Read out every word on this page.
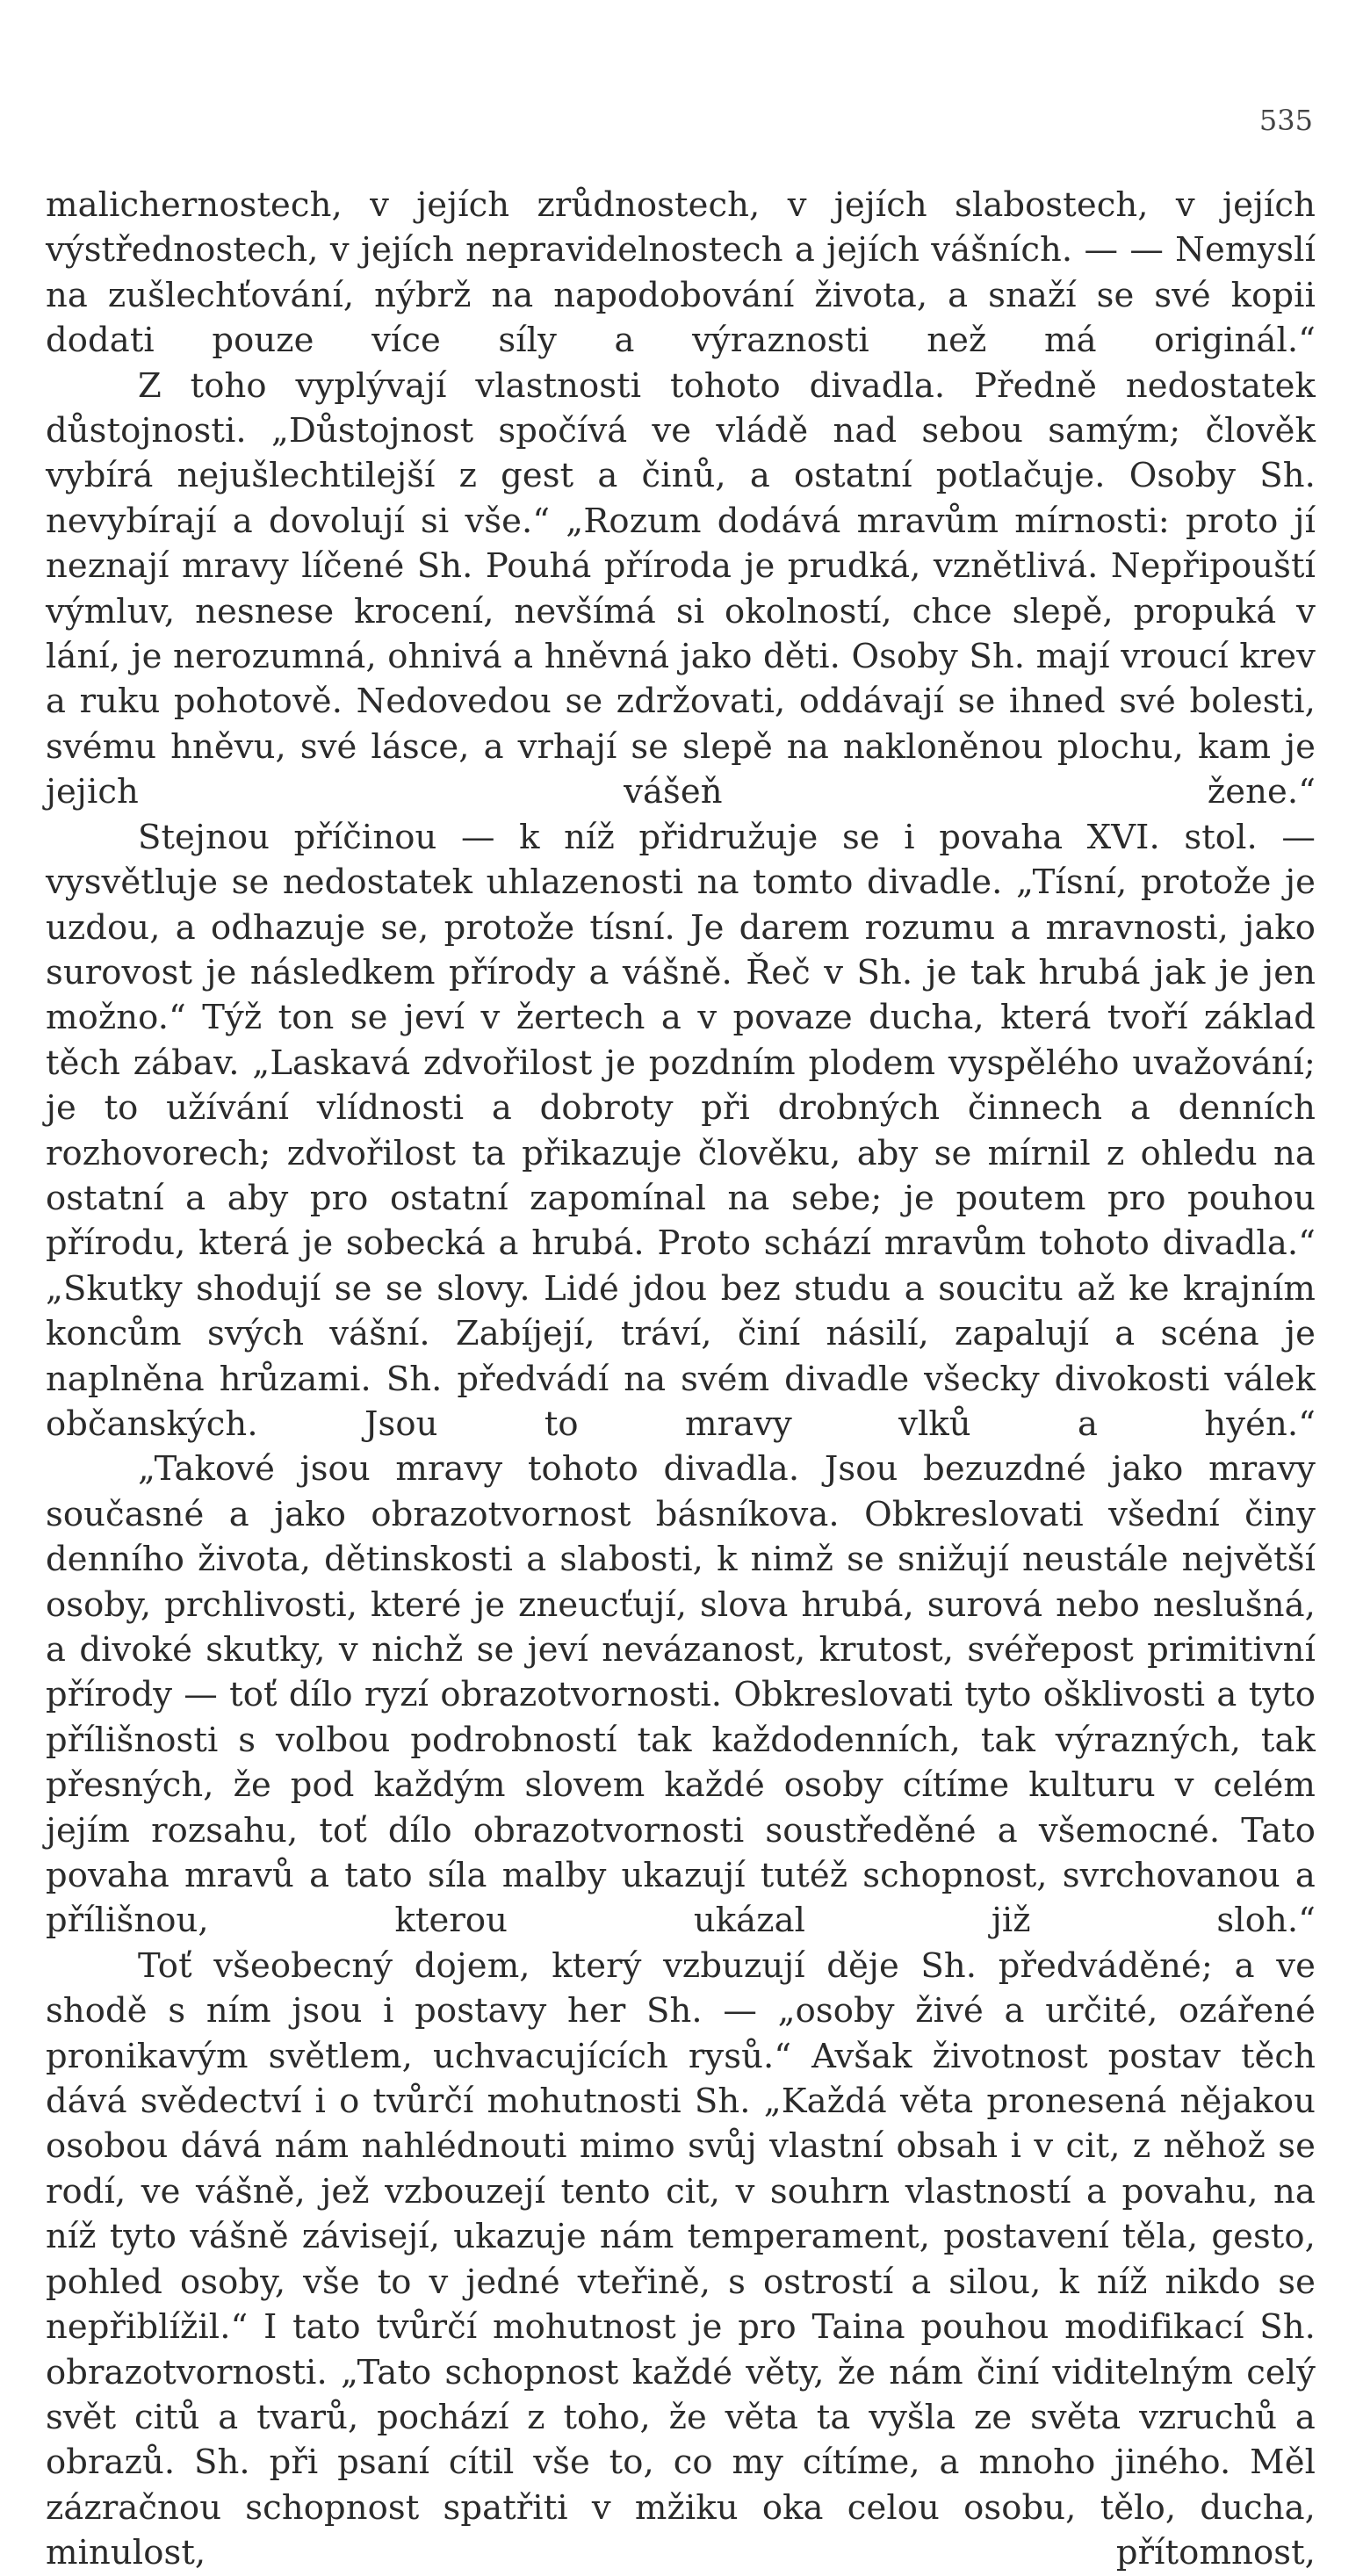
535

malichernostech, v jejích zrůdnostech, v jejích slabostech, v jejích výstřednostech, v jejích nepravidelnostech a jejích vášních. — — Nemyslí na zušlechťování, nýbrž na napodobování života, a snaží se své kopii dodati pouze více síly a výraznosti než má originál.“

Z toho vyplývají vlastnosti tohoto divadla. Předně nedostatek důstojnosti. „Důstojnost spočívá ve vládě nad sebou samým; člověk vybírá nejušlechtilejší z gest a činů, a ostatní potlačuje. Osoby Sh. nevybírají a dovolují si vše.“ „Rozum dodává mravům mírnosti: proto jí neznají mravy líčené Sh. Pouhá příroda je prudká, vznětlivá. Nepřipouští výmluv, nesnese krocení, nevšímá si okolností, chce slepě, propuká v lání, je nerozumná, ohnivá a hněvná jako děti. Osoby Sh. mají vroucí krev a ruku pohotově. Nedovedou se zdržovati, oddávají se ihned své bolesti, svému hněvu, své lásce, a vrhají se slepě na nakloněnou plochu, kam je jejich vášeň žene.“

Stejnou příčinou — k níž přidružuje se i povaha XVI. stol. — vysvětluje se nedostatek uhlazenosti na tomto divadle. „Tísní, protože je uzdou, a odhazuje se, protože tísní. Je darem rozumu a mravnosti, jako surovost je následkem přírody a vášně. Řeč v Sh. je tak hrubá jak je jen možno.“ Týž ton se jeví v žertech a v povaze ducha, která tvoří základ těch zábav. „Laskavá zdvořilost je pozdním plodem vyspělého uvažování; je to užívání vlídnosti a dobroty při drobných činnech a denních rozhovorech; zdvořilost ta přikazuje člověku, aby se mírnil z ohledu na ostatní a aby pro ostatní zapomínal na sebe; je poutem pro pouhou přírodu, která je sobecká a hrubá. Proto schází mravům tohoto divadla.“ „Skutky shodují se se slovy. Lidé jdou bez studu a soucitu až ke krajním koncům svých vášní. Zabíjejí, tráví, činí násilí, zapalují a scéna je naplněna hrůzami. Sh. předvádí na svém divadle všecky divokosti válek občanských. Jsou to mravy vlků a hyén.“

„Takové jsou mravy tohoto divadla. Jsou bezuzdné jako mravy současné a jako obrazotvornost básníkova. Obkreslovati všední činy denního života, dětinskosti a slabosti, k nimž se snižují neustále největší osoby, prchlivosti, které je zneucťují, slova hrubá, surová nebo neslušná, a divoké skutky, v nichž se jeví nevázanost, krutost, svéřepost primitivní přírody — toť dílo ryzí obrazotvornosti. Obkreslovati tyto ošklivosti a tyto přílišnosti s volbou podrobností tak každodenních, tak výrazných, tak přesných, že pod každým slovem každé osoby cítíme kulturu v celém jejím rozsahu, toť dílo obrazotvornosti soustředěné a všemocné. Tato povaha mravů a tato síla malby ukazují tutéž schopnost, svrchovanou a přílišnou, kterou ukázal již sloh.“

Toť všeobecný dojem, který vzbuzují děje Sh. předváděné; a ve shodě s ním jsou i postavy her Sh. — „osoby živé a určité, ozářené pronikavým světlem, uchvacujících rysů.“ Avšak životnost postav těch dává svědectví i o tvůrčí mohutnosti Sh. „Každá věta pronesená nějakou osobou dává nám nahlédnouti mimo svůj vlastní obsah i v cit, z něhož se rodí, ve vášně, jež vzbouzejí tento cit, v souhrn vlastností a povahu, na níž tyto vášně závisejí, ukazuje nám temperament, postavení těla, gesto, pohled osoby, vše to v jedné vteřině, s ostrostí a silou, k níž nikdo se nepřiblížil.“ I tato tvůrčí mohutnost je pro Taina pouhou modifikací Sh. obrazotvornosti. „Tato schopnost každé věty, že nám činí viditelným celý svět citů a tvarů, pochází z toho, že věta ta vyšla ze světa vzruchů a obrazů. Sh. při psaní cítil vše to, co my cítíme, a mnoho jiného. Měl zázračnou schopnost spatřiti v mžiku oka celou osobu, tělo, ducha, minulost, přítomnost,
